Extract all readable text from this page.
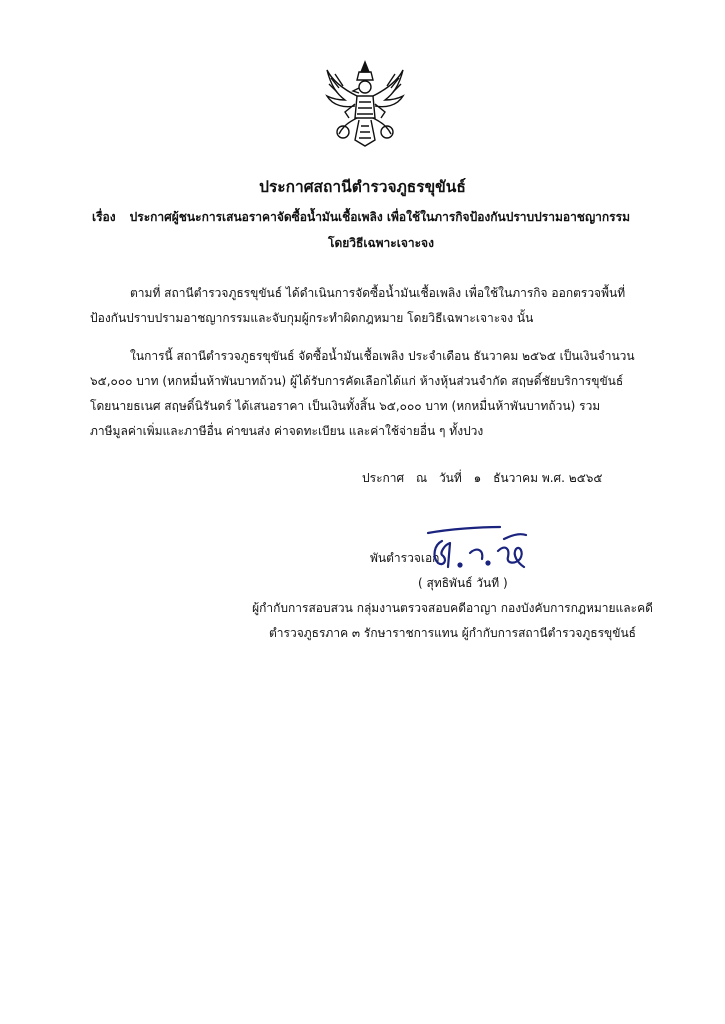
ประกาศสถานีตำรวจภูธรขุขันธ์
เรื่อง ประกาศผู้ชนะการเสนอราคาจัดซื้อน้ำมันเชื้อเพลิง เพื่อใช้ในภารกิจป้องกันปราบปรามอาชญากรรม
โดยวิธีเฉพาะเจาะจง
ตามที่ สถานีตำรวจภูธรขุขันธ์ ได้ดำเนินการจัดซื้อน้ำมันเชื้อเพลิง เพื่อใช้ในภารกิจ ออกตรวจพื้นที่
ป้องกันปราบปรามอาชญากรรมและจับกุมผู้กระทำผิดกฎหมาย โดยวิธีเฉพาะเจาะจง นั้น
ในการนี้ สถานีตำรวจภูธรขุขันธ์ จัดซื้อน้ำมันเชื้อเพลิง ประจำเดือน ธันวาคม ๒๕๖๕ เป็นเงินจำนวน
๖๕,๐๐๐ บาท (หกหมื่นห้าพันบาทถ้วน) ผู้ได้รับการคัดเลือกได้แก่ ห้างหุ้นส่วนจำกัด สฤษดิ์ชัยบริการขุขันธ์
โดยนายธเนศ สฤษดิ์นิรันดร์ ได้เสนอราคา เป็นเงินทั้งสิ้น ๖๕,๐๐๐ บาท (หกหมื่นห้าพันบาทถ้วน) รวม
ภาษีมูลค่าเพิ่มและภาษีอื่น ค่าขนส่ง ค่าจดทะเบียน และค่าใช้จ่ายอื่น ๆ ทั้งปวง
ประกาศ ณ วันที่ ๑ ธันวาคม พ.ศ. ๒๕๖๕
พันตำรวจเอก
( สุทธิพันธ์ วันที )
ผู้กำกับการสอบสวน กลุ่มงานตรวจสอบคดีอาญา กองบังคับการกฎหมายและคดี
ตำรวจภูธรภาค ๓ รักษาราชการแทน ผู้กำกับการสถานีตำรวจภูธรขุขันธ์
